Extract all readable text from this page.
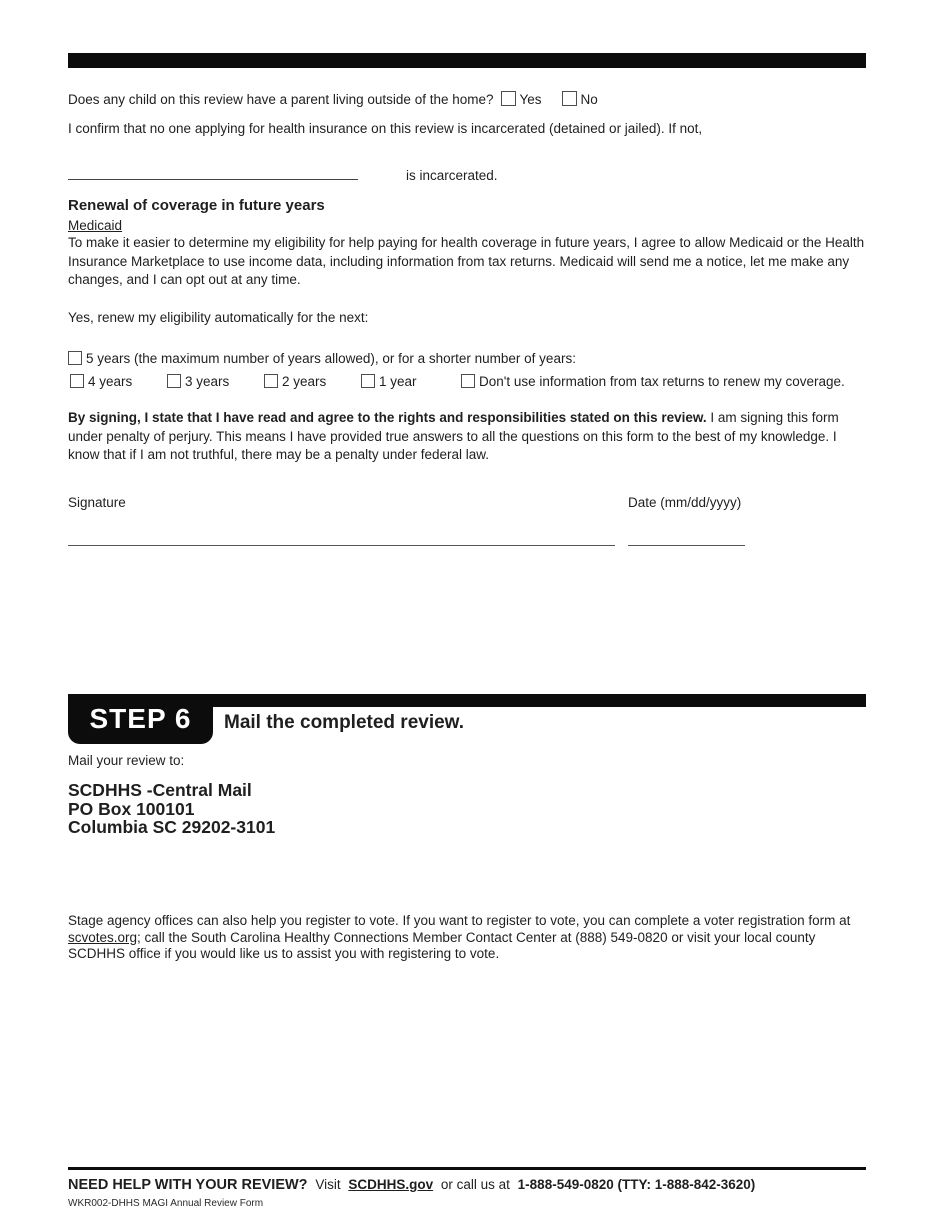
Does any child on this review have a parent living outside of the home? Yes	No
I confirm that no one applying for health insurance on this review is incarcerated (detained or jailed). If not,
is incarcerated.
Renewal of coverage in future years
Medicaid
To make it easier to determine my eligibility for help paying for health coverage in future years, I agree to allow Medicaid or the Health Insurance Marketplace to use income data, including information from tax returns. Medicaid will send me a notice, let me make any changes, and I can opt out at any time.
Yes, renew my eligibility automatically for the next:
5 years (the maximum number of years allowed), or for a shorter number of years:
4 years	3 years	2 years	1 year	Don't use information from tax returns to renew my coverage.
By signing, I state that I have read and agree to the rights and responsibilities stated on this review. I am signing this form under penalty of perjury. This means I have provided true answers to all the questions on this form to the best of my knowledge. I know that if I am not truthful, there may be a penalty under federal law.
Signature	Date (mm/dd/yyyy)
STEP 6	Mail the completed review.
Mail your review to:
SCDHHS -Central Mail
PO Box 100101
Columbia SC 29202-3101
Stage agency offices can also help you register to vote. If you want to register to vote, you can complete a voter registration form at scvotes.org; call the South Carolina Healthy Connections Member Contact Center at (888) 549-0820 or visit your local county SCDHHS office if you would like us to assist you with registering to vote.
NEED HELP WITH YOUR REVIEW? Visit SCDHHS.gov or call us at 1-888-549-0820 (TTY: 1-888-842-3620)
WKR002-DHHS MAGI Annual Review Form
